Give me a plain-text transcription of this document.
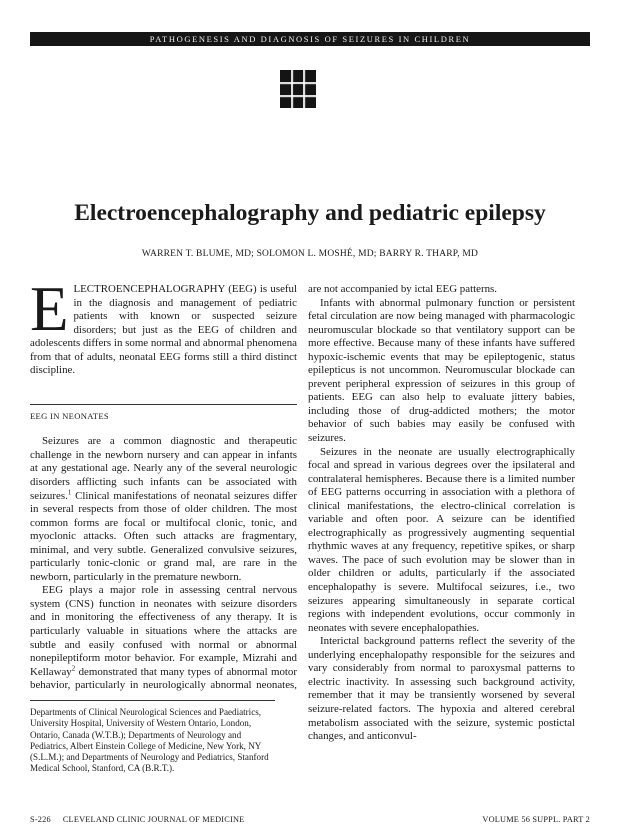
PATHOGENESIS AND DIAGNOSIS OF SEIZURES IN CHILDREN
Electroencephalography and pediatric epilepsy
WARREN T. BLUME, MD; SOLOMON L. MOSHÉ, MD; BARRY R. THARP, MD

ELECTROENCEPHALOGRAPHY (EEG) is useful in the diagnosis and management of pediatric patients with known or suspected seizure disorders; but just as the EEG of children and adolescents differs in some normal and abnormal phenomena from that of adults, neonatal EEG forms still a third distinct discipline.

EEG IN NEONATES

Seizures are a common diagnostic and therapeutic challenge in the newborn nursery and can appear in infants at any gestational age. Nearly any of the several neurologic disorders afflicting such infants can be associated with seizures.$^1$ Clinical manifestations of neonatal seizures differ in several respects from those of older children. The most common forms are focal or multifocal clonic, tonic, and myoclonic attacks. Often such attacks are fragmentary, minimal, and very subtle. Generalized convulsive seizures, particularly tonic-clonic or grand mal, are rare in the newborn, particularly in the premature newborn.

EEG plays a major role in assessing central nervous system (CNS) function in neonates with seizure disorders and in monitoring the effectiveness of any therapy. It is particularly valuable in situations where the attacks are subtle and easily confused with normal or abnormal nonepileptiform motor behavior. For example, Mizrahi and Kellaway$^2$ demonstrated that many types of abnormal motor behavior, particularly in neurologically abnormal neonates,

are not accompanied by ictal EEG patterns.

Infants with abnormal pulmonary function or persistent fetal circulation are now being managed with pharmacologic neuromuscular blockade so that ventilatory support can be more effective. Because many of these infants have suffered hypoxic-ischemic events that may be epileptogenic, status epilepticus is not uncommon. Neuromuscular blockade can prevent peripheral expression of seizures in this group of patients. EEG can also help to evaluate jittery babies, including those of drug-addicted mothers; the motor behavior of such babies may easily be confused with seizures.

Seizures in the neonate are usually electrographically focal and spread in various degrees over the ipsilateral and contralateral hemispheres. Because there is a limited number of EEG patterns occurring in association with a plethora of clinical manifestations, the electro-clinical correlation is variable and often poor. A seizure can be identified electrographically as progressively augmenting sequential rhythmic waves at any frequency, repetitive spikes, or sharp waves. The pace of such evolution may be slower than in older children or adults, particularly if the associated encephalopathy is severe. Multifocal seizures, i.e., two seizures appearing simultaneously in separate cortical regions with independent evolutions, occur commonly in neonates with severe encephalopathies.

Interictal background patterns reflect the severity of the underlying encephalopathy responsible for the seizures and vary considerably from normal to paroxysmal patterns to electric inactivity. In assessing such background activity, remember that it may be transiently worsened by several seizure-related factors. The hypoxia and altered cerebral metabolism associated with the seizure, systemic postictal changes, and anticonvul-

Departments of Clinical Neurological Sciences and Paediatrics, University Hospital, University of Western Ontario, London, Ontario, Canada (W.T.B.); Departments of Neurology and Pediatrics, Albert Einstein College of Medicine, New York, NY (S.L.M.); and Departments of Neurology and Pediatrics, Stanford Medical School, Stanford, CA (B.R.T.).
S-226 CLEVELAND CLINIC JOURNAL OF MEDICINE	VOLUME 56 SUPPL. PART 2
